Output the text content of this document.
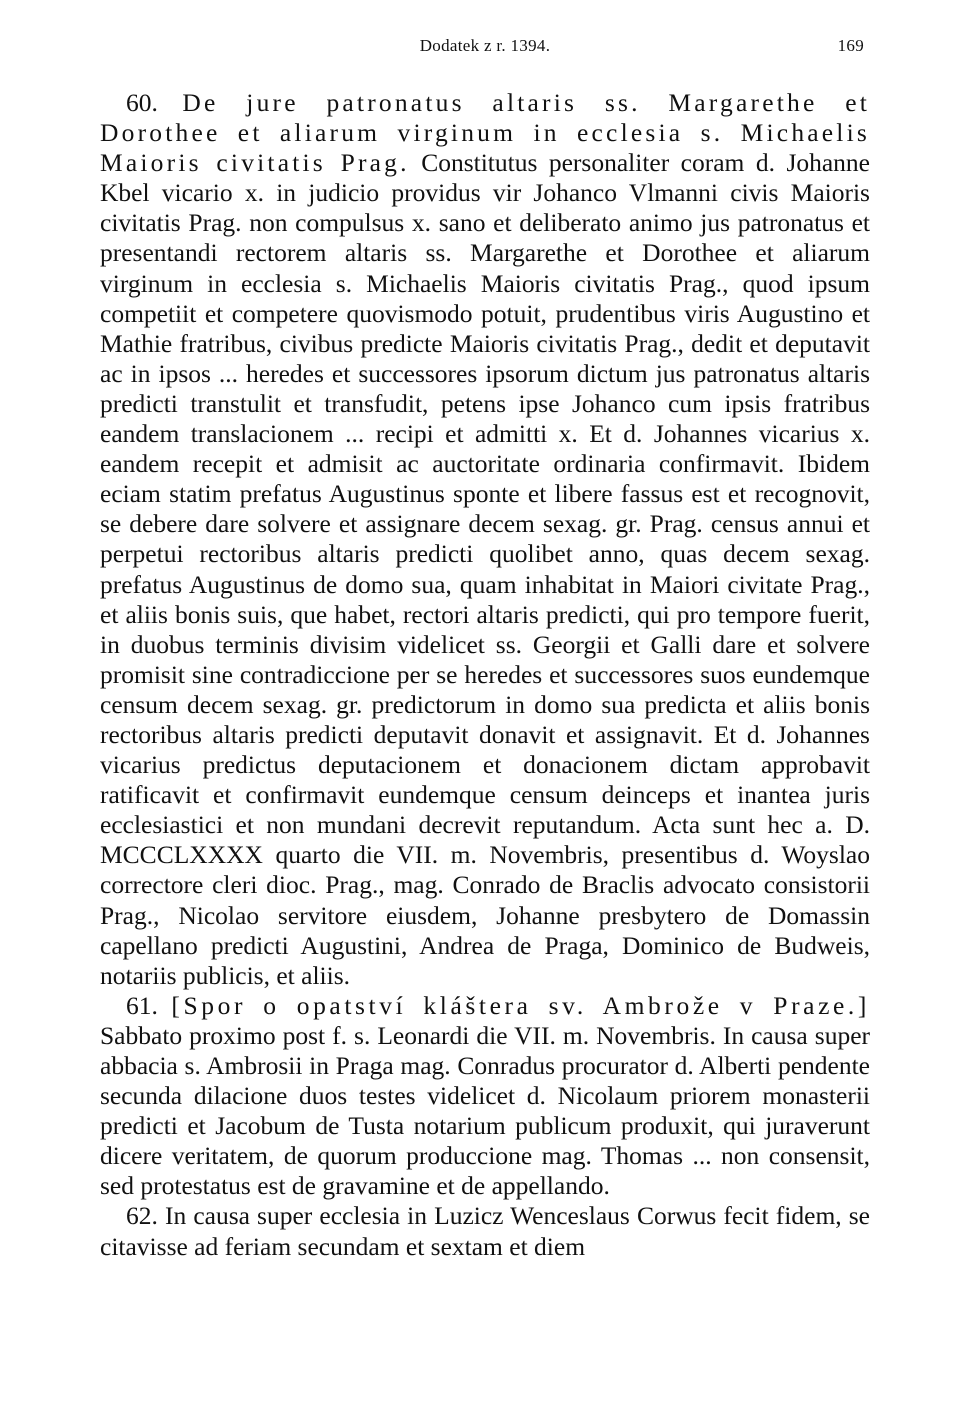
Dodatek z r. 1394.	169

60. De jure patronatus altaris ss. Margarethe et Dorothee et aliarum virginum in ecclesia s. Michaelis Maioris civitatis Prag. Constitutus personaliter coram d. Johanne Kbel vicario x. in judicio providus vir Johanco Vlmanni civis Maioris civitatis Prag. non compulsus x. sano et deliberato animo jus patronatus et presentandi rectorem altaris ss. Margarethe et Dorothee et aliarum virginum in ecclesia s. Michaelis Maioris civitatis Prag., quod ipsum competiit et competere quovismodo potuit, prudentibus viris Augustino et Mathie fratribus, civibus predicte Maioris civitatis Prag., dedit et deputavit ac in ipsos ... heredes et successores ipsorum dictum jus patronatus altaris predicti transtulit et transfudit, petens ipse Johanco cum ipsis fratribus eandem translacionem ... recipi et admitti x. Et d. Johannes vicarius x. eandem recepit et admisit ac auctoritate ordinaria confirmavit. Ibidem eciam statim prefatus Augustinus sponte et libere fassus est et recognovit, se debere dare solvere et assignare decem sexag. gr. Prag. census annui et perpetui rectoribus altaris predicti quolibet anno, quas decem sexag. prefatus Augustinus de domo sua, quam inhabitat in Maiori civitate Prag., et aliis bonis suis, que habet, rectori altaris predicti, qui pro tempore fuerit, in duobus terminis divisim videlicet ss. Georgii et Galli dare et solvere promisit sine contradiccione per se heredes et successores suos eundemque censum decem sexag. gr. predictorum in domo sua predicta et aliis bonis rectoribus altaris predicti deputavit donavit et assignavit. Et d. Johannes vicarius predictus deputacionem et donacionem dictam approbavit ratificavit et confirmavit eundemque censum deinceps et inantea juris ecclesiastici et non mundani decrevit reputandum. Acta sunt hec a. D. MCCCLXXXX quarto die VII. m. Novembris, presentibus d. Woyslao correctore cleri dioc. Prag., mag. Conrado de Braclis advocato consistorii Prag., Nicolao servitore eiusdem, Johanne presbytero de Domassin capellano predicti Augustini, Andrea de Praga, Dominico de Budweis, notariis publicis, et aliis.

61. [Spor o opatství kláštera sv. Ambrože v Praze.] Sabbato proximo post f. s. Leonardi die VII. m. Novembris. In causa super abbacia s. Ambrosii in Praga mag. Conradus procurator d. Alberti pendente secunda dilacione duos testes videlicet d. Nicolaum priorem monasterii predicti et Jacobum de Tusta notarium publicum produxit, qui juraverunt dicere veritatem, de quorum produccione mag. Thomas ... non consensit, sed protestatus est de gravamine et de appellando.

62. In causa super ecclesia in Luzicz Wenceslaus Corwus fecit fidem, se citavisse ad feriam secundam et sextam et diem
